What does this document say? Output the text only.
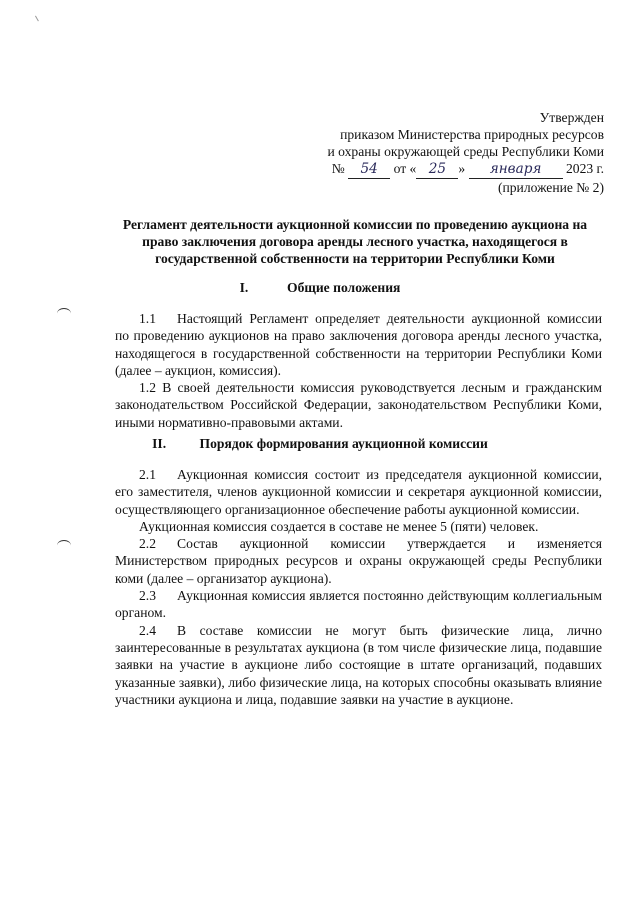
Утвержден
приказом Министерства природных ресурсов
и охраны окружающей среды Республики Коми
№ 54 от « 25 » января 2023 г.
(приложение № 2)
Регламент деятельности аукционной комиссии по проведению аукциона на право заключения договора аренды лесного участка, находящегося в государственной собственности на территории Республики Коми
I.	Общие положения

1.1 Настоящий Регламент определяет деятельности аукционной комиссии по проведению аукционов на право заключения договора аренды лесного участка, находящегося в государственной собственности на территории Республики Коми (далее – аукцион, комиссия).

1.2 В своей деятельности комиссия руководствуется лесным и гражданским законодательством Российской Федерации, законодательством Республики Коми, иными нормативно-правовыми актами.

II. Порядок формирования аукционной комиссии

2.1 Аукционная комиссия состоит из председателя аукционной комиссии, его заместителя, членов аукционной комиссии и секретаря аукционной комиссии, осуществляющего организационное обеспечение работы аукционной комиссии.

Аукционная комиссия создается в составе не менее 5 (пяти) человек.

2.2 Состав аукционной комиссии утверждается и изменяется Министерством природных ресурсов и охраны окружающей среды Республики коми (далее – организатор аукциона).

2.3 Аукционная комиссия является постоянно действующим коллегиальным органом.

2.4 В составе комиссии не могут быть физические лица, лично заинтересованные в результатах аукциона (в том числе физические лица, подавшие заявки на участие в аукционе либо состоящие в штате организаций, подавших указанные заявки), либо физические лица, на которых способны оказывать влияние участники аукциона и лица, подавшие заявки на участие в аукционе.
